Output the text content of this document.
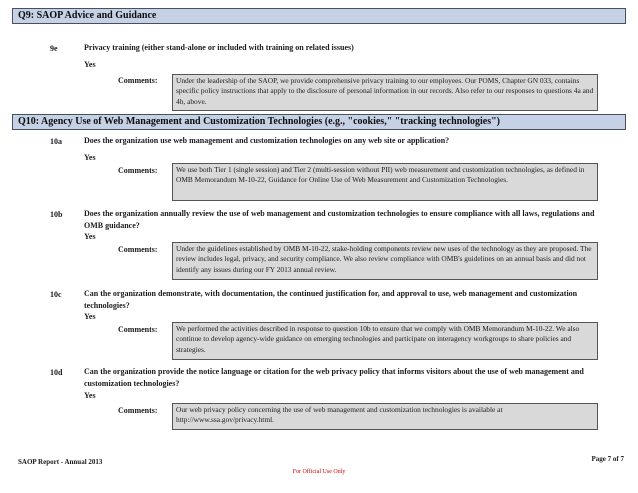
Q9: SAOP Advice and Guidance
9e	Privacy training (either stand-alone or included with training on related issues)
Yes
Comments:	Under the leadership of the SAOP, we provide comprehensive privacy training to our employees. Our POMS, Chapter GN 033, contains specific policy instructions that apply to the disclosure of personal information in our records. Also refer to our responses to questions 4a and 4b, above.
Q10: Agency Use of Web Management and Customization Technologies (e.g., "cookies," "tracking technologies")
10a	Does the organization use web management and customization technologies on any web site or application?
Yes
Comments:	We use both Tier 1 (single session) and Tier 2 (multi-session without PII) web measurement and customization technologies, as defined in OMB Memorandum M-10-22, Guidance for Online Use of Web Measurement and Customization Technologies.
10b	Does the organization annually review the use of web management and customization technologies to ensure compliance with all laws, regulations and OMB guidance?
Yes
Comments:	Under the guidelines established by OMB M-10-22, stake-holding components review new uses of the technology as they are proposed. The review includes legal, privacy, and security compliance. We also review compliance with OMB's guidelines on an annual basis and did not identify any issues during our FY 2013 annual review.
10c	Can the organization demonstrate, with documentation, the continued justification for, and approval to use, web management and customization technologies?
Yes
Comments:	We performed the activities described in response to question 10b to ensure that we comply with OMB Memorandum M-10-22. We also continue to develop agency-wide guidance on emerging technologies and participate on interagency workgroups to share policies and strategies.
10d	Can the organization provide the notice language or citation for the web privacy policy that informs visitors about the use of web management and customization technologies?
Yes
Comments:	Our web privacy policy concerning the use of web management and customization technologies is available at http://www.ssa.gov/privacy.html.
SAOP Report - Annual 2013	Page 7 of 7
For Official Use Only
